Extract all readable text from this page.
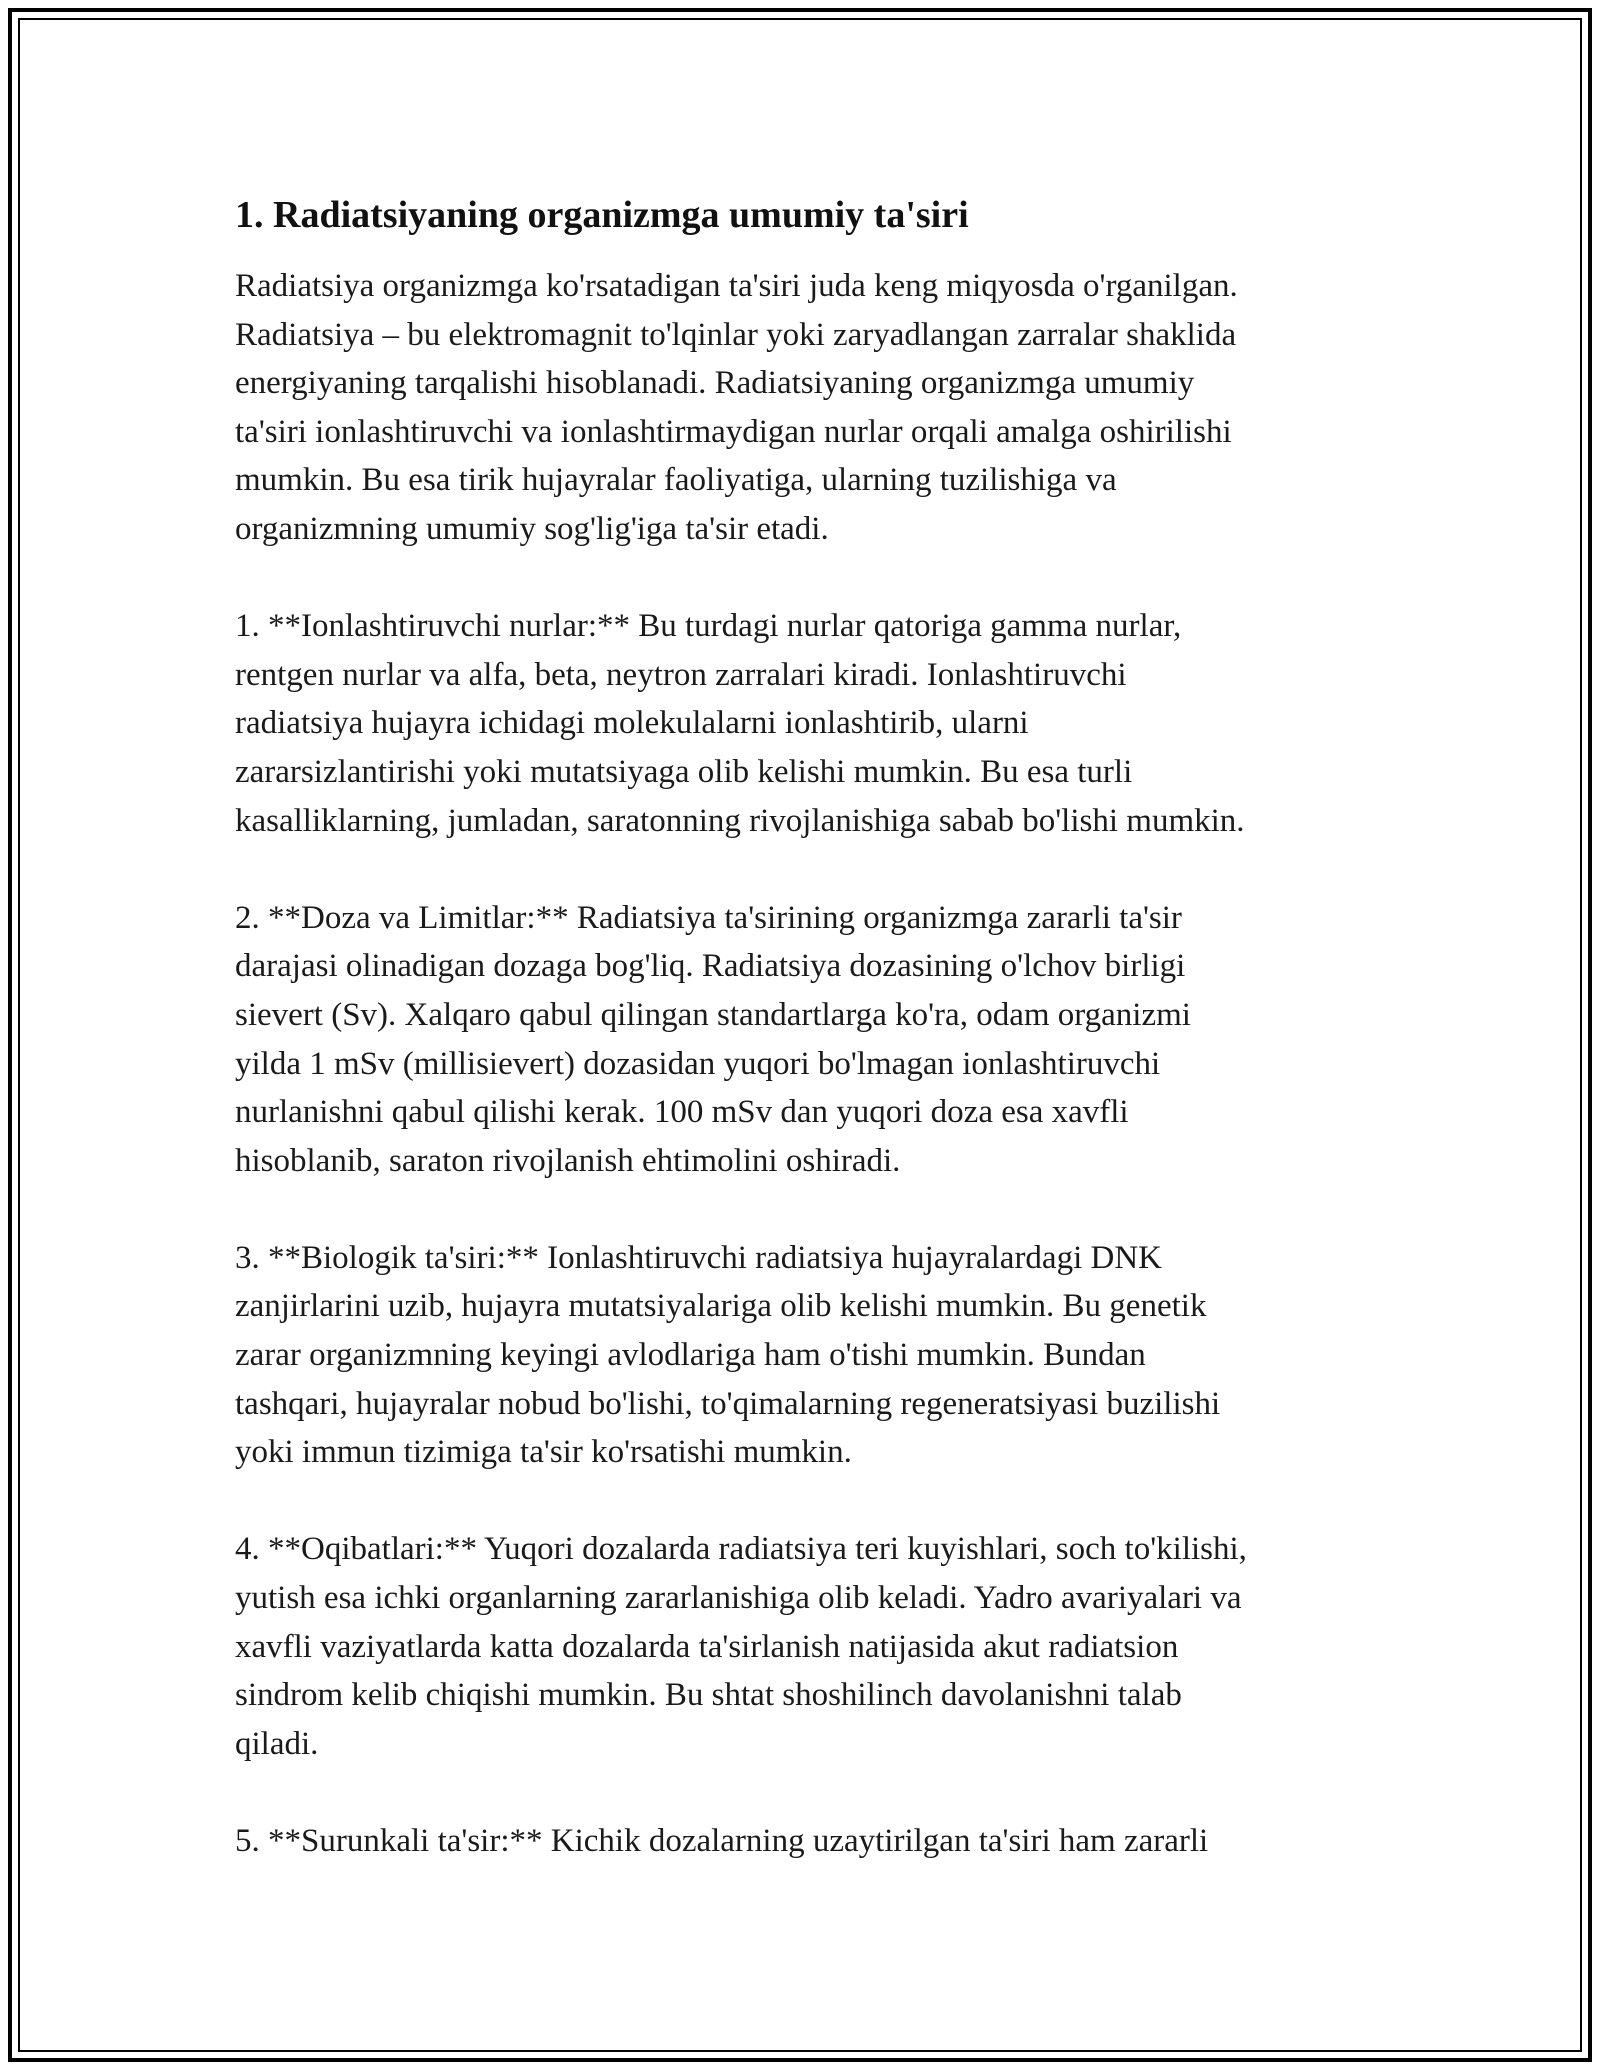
1. Radiatsiyaning organizmga umumiy ta'siri

Radiatsiya organizmga ko'rsatadigan ta'siri juda keng miqyosda o'rganilgan.
Radiatsiya – bu elektromagnit to'lqinlar yoki zaryadlangan zarralar shaklida
energiyaning tarqalishi hisoblanadi. Radiatsiyaning organizmga umumiy
ta'siri ionlashtiruvchi va ionlashtirmaydigan nurlar orqali amalga oshirilishi
mumkin. Bu esa tirik hujayralar faoliyatiga, ularning tuzilishiga va
organizmning umumiy sog'lig'iga ta'sir etadi.

1. **Ionlashtiruvchi nurlar:** Bu turdagi nurlar qatoriga gamma nurlar,
rentgen nurlar va alfa, beta, neytron zarralari kiradi. Ionlashtiruvchi
radiatsiya hujayra ichidagi molekulalarni ionlashtirib, ularni
zararsizlantirishi yoki mutatsiyaga olib kelishi mumkin. Bu esa turli
kasalliklarning, jumladan, saratonning rivojlanishiga sabab bo'lishi mumkin.

2. **Doza va Limitlar:** Radiatsiya ta'sirining organizmga zararli ta'sir
darajasi olinadigan dozaga bog'liq. Radiatsiya dozasining o'lchov birligi
sievert (Sv). Xalqaro qabul qilingan standartlarga ko'ra, odam organizmi
yilda 1 mSv (millisievert) dozasidan yuqori bo'lmagan ionlashtiruvchi
nurlanishni qabul qilishi kerak. 100 mSv dan yuqori doza esa xavfli
hisoblanib, saraton rivojlanish ehtimolini oshiradi.

3. **Biologik ta'siri:** Ionlashtiruvchi radiatsiya hujayralardagi DNK
zanjirlarini uzib, hujayra mutatsiyalariga olib kelishi mumkin. Bu genetik
zarar organizmning keyingi avlodlariga ham o'tishi mumkin. Bundan
tashqari, hujayralar nobud bo'lishi, to'qimalarning regeneratsiyasi buzilishi
yoki immun tizimiga ta'sir ko'rsatishi mumkin.

4. **Oqibatlari:** Yuqori dozalarda radiatsiya teri kuyishlari, soch to'kilishi,
yutish esa ichki organlarning zararlanishiga olib keladi. Yadro avariyalari va
xavfli vaziyatlarda katta dozalarda ta'sirlanish natijasida akut radiatsion
sindrom kelib chiqishi mumkin. Bu shtat shoshilinch davolanishni talab
qiladi.

5. **Surunkali ta'sir:** Kichik dozalarning uzaytirilgan ta'siri ham zararli
